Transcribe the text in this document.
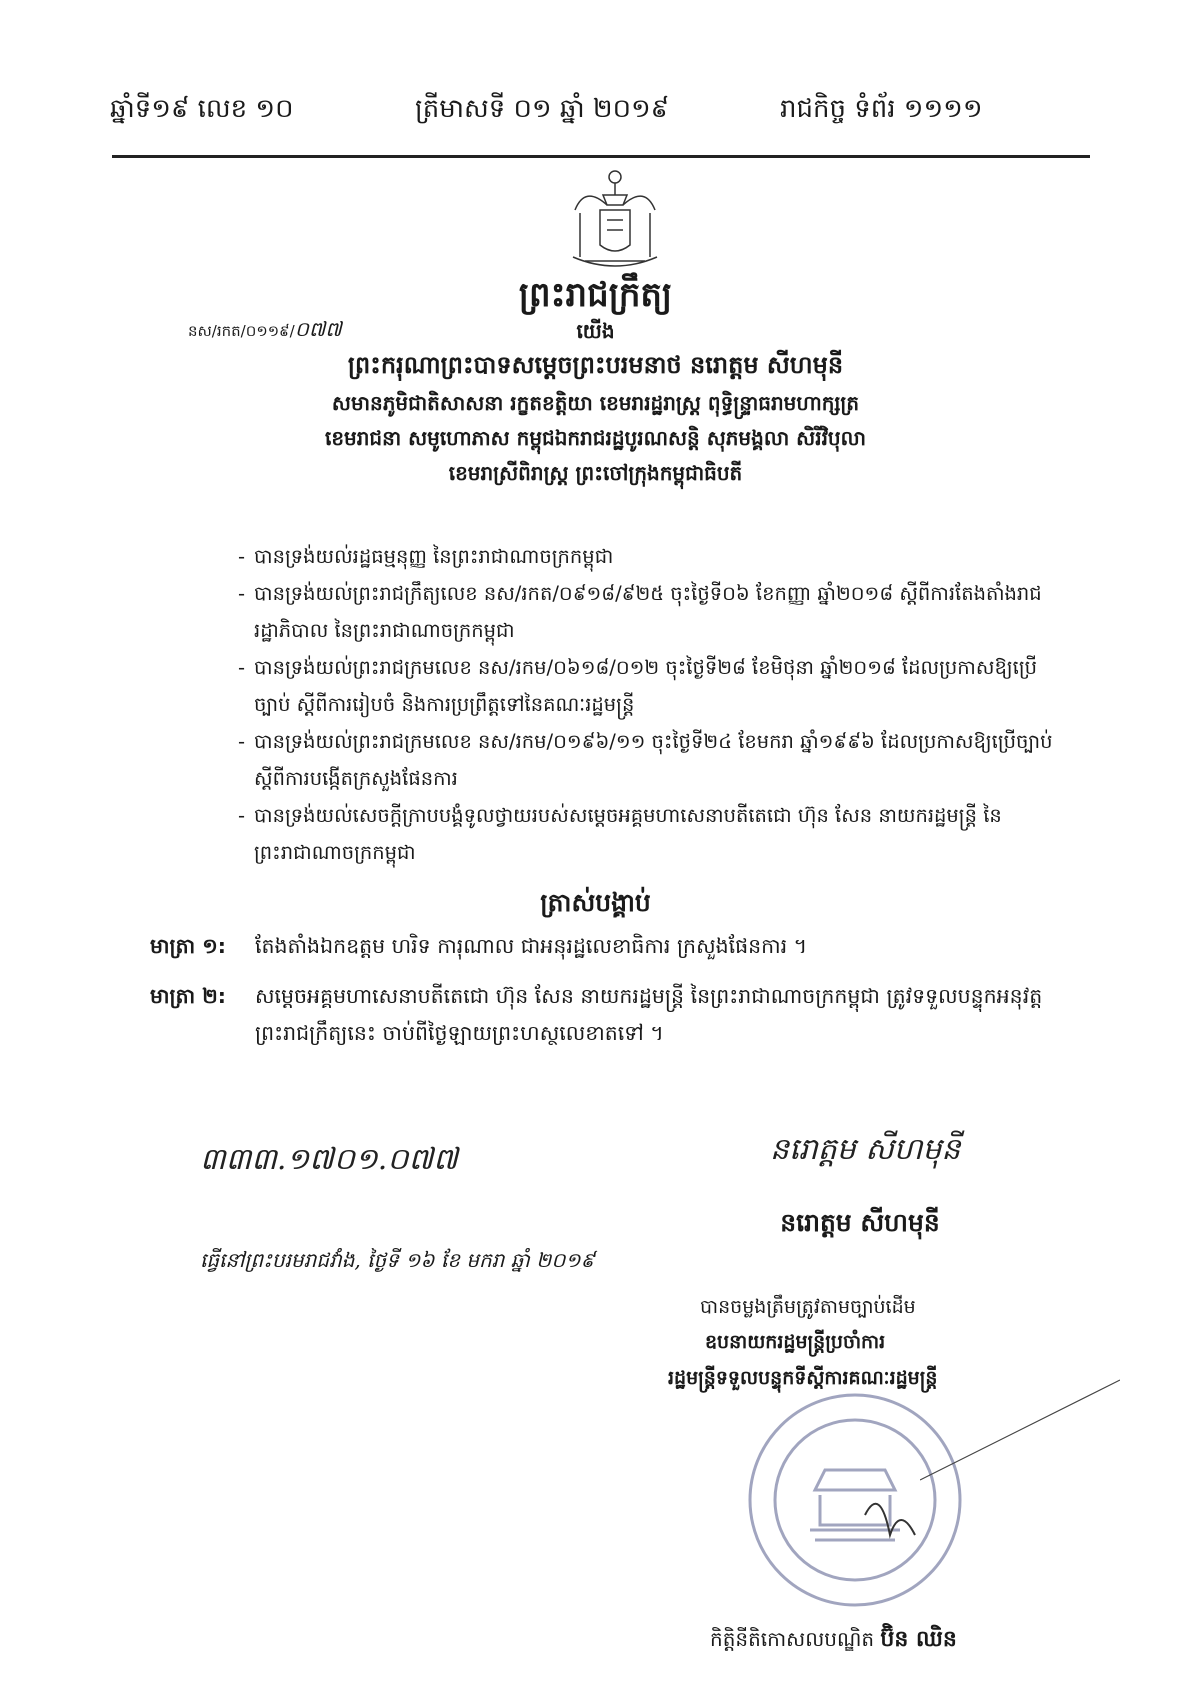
ឆ្នាំទី១៩ លេខ ១០	ត្រីមាសទី ០១ ឆ្នាំ ២០១៩	រាជកិច្ច ទំព័រ ១១១១
ព្រះរាជក្រឹត្យ
នស/រកត/០១១៩/០៧៧	យើង
ព្រះករុណាព្រះបាទសម្តេចព្រះបរមនាថ នរោត្តម សីហមុនី
សមានភូមិជាតិសាសនា រក្ខតខត្តិយា ខេមរារដ្ឋរាស្ត្រ ពុទ្ធិន្ទ្រាធរាមហាក្សត្រ
ខេមរាជនា សមូហោភាស កម្ពុជឯករាជរដ្ឋបូរណសន្តិ សុភមង្គលា សិរីវិបុលា
ខេមរាស្រីពិរាស្ត្រ ព្រះចៅក្រុងកម្ពុជាធិបតី
- បានទ្រង់យល់រដ្ឋធម្មនុញ្ញ នៃព្រះរាជាណាចក្រកម្ពុជា
- បានទ្រង់យល់ព្រះរាជក្រឹត្យលេខ នស/រកត/០៩១៨/៩២៥ ចុះថ្ងៃទី០៦ ខែកញ្ញា ឆ្នាំ២០១៨ ស្តីពីការតែងតាំងរាជរដ្ឋាភិបាល នៃព្រះរាជាណាចក្រកម្ពុជា
- បានទ្រង់យល់ព្រះរាជក្រមលេខ នស/រកម/០៦១៨/០១២ ចុះថ្ងៃទី២៨ ខែមិថុនា ឆ្នាំ២០១៨ ដែលប្រកាសឱ្យប្រើច្បាប់ ស្តីពីការរៀបចំ និងការប្រព្រឹត្តទៅនៃគណៈរដ្ឋមន្ត្រី
- បានទ្រង់យល់ព្រះរាជក្រមលេខ នស/រកម/០១៩៦/១១ ចុះថ្ងៃទី២៤ ខែមករា ឆ្នាំ១៩៩៦ ដែលប្រកាសឱ្យប្រើច្បាប់ ស្តីពីការបង្កើតក្រសួងផែនការ
- បានទ្រង់យល់សេចក្តីក្រាបបង្គំទូលថ្វាយរបស់សម្តេចអគ្គមហាសេនាបតីតេជោ ហ៊ុន សែន នាយករដ្ឋមន្ត្រី នៃព្រះរាជាណាចក្រកម្ពុជា
ត្រាស់បង្គាប់
មាត្រា ១: តែងតាំងឯកឧត្តម ហរិទ ការុណាល ជាអនុរដ្ឋលេខាធិការ ក្រសួងផែនការ ។
មាត្រា ២:	សម្តេចអគ្គមហាសេនាបតីតេជោ ហ៊ុន សែន នាយករដ្ឋមន្ត្រី នៃព្រះរាជាណាចក្រកម្ពុជា ត្រូវទទួលបន្ទុកអនុវត្តព្រះរាជក្រឹត្យនេះ ចាប់ពីថ្ងៃឡាយព្រះហស្ថលេខាតទៅ ។
៣៣៣.១៧០១.០៧៧	នរោត្តម សីហមុនី
នរោត្តម សីហមុនី
ធ្វើនៅព្រះបរមរាជវាំង, ថ្ងៃទី ១៦ ខែ មករា ឆ្នាំ ២០១៩
បានចម្លងត្រឹមត្រូវតាមច្បាប់ដើម
ឧបនាយករដ្ឋមន្ត្រីប្រចាំការ
រដ្ឋមន្ត្រីទទួលបន្ទុកទីស្តីការគណៈរដ្ឋមន្ត្រី
កិត្តិនីតិកោសលបណ្ឌិត ប៊ិន ឈិន
